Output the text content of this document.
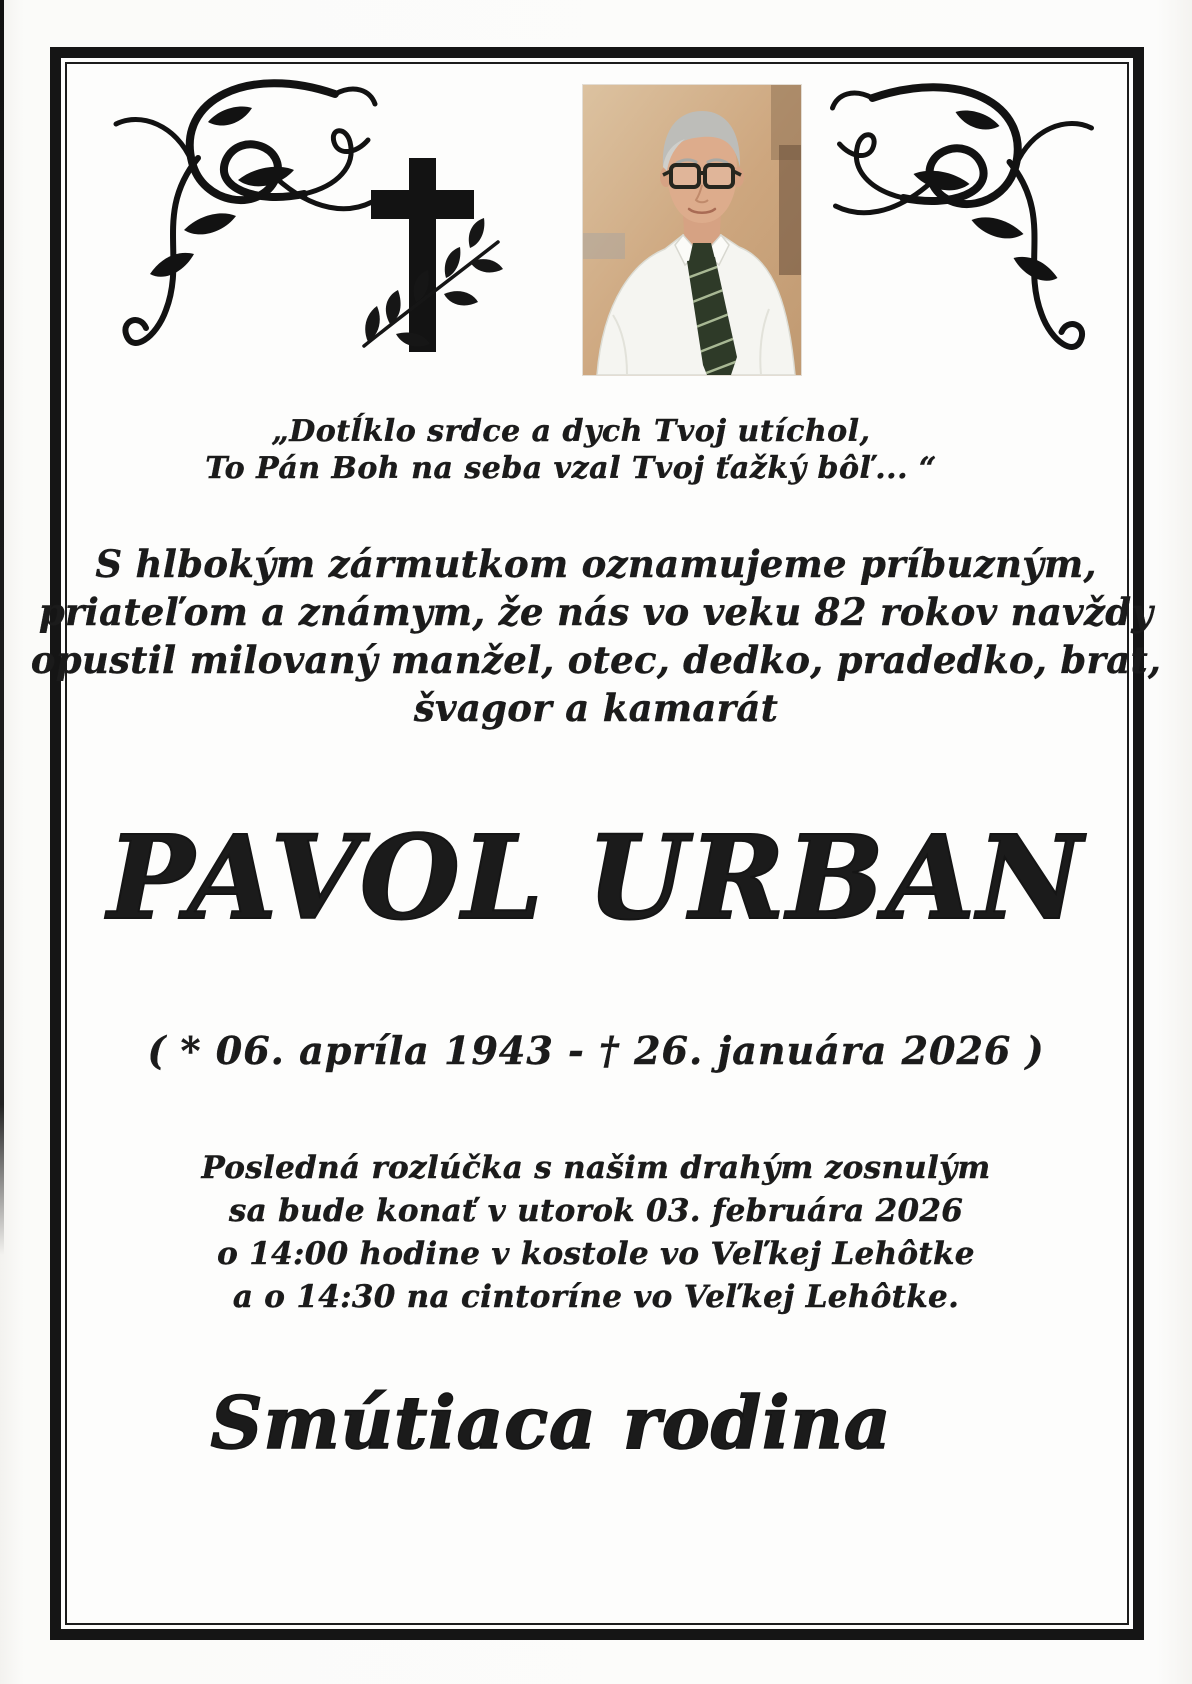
„Dotĺklo srdce a dych Tvoj utíchol,
To Pán Boh na seba vzal Tvoj ťažký bôľ... “
S hlbokým zármutkom oznamujeme príbuzným,
priateľom a známym, že nás vo veku 82 rokov navždy
opustil milovaný manžel, otec, dedko, pradedko, brat,
švagor a kamarát
PAVOL URBAN
( * 06. apríla 1943 - † 26. januára 2026 )
Posledná rozlúčka s našim drahým zosnulým
sa bude konať v utorok 03. februára 2026
o 14:00 hodine v kostole vo Veľkej Lehôtke
a o 14:30 na cintoríne vo Veľkej Lehôtke.
Smútiaca rodina
